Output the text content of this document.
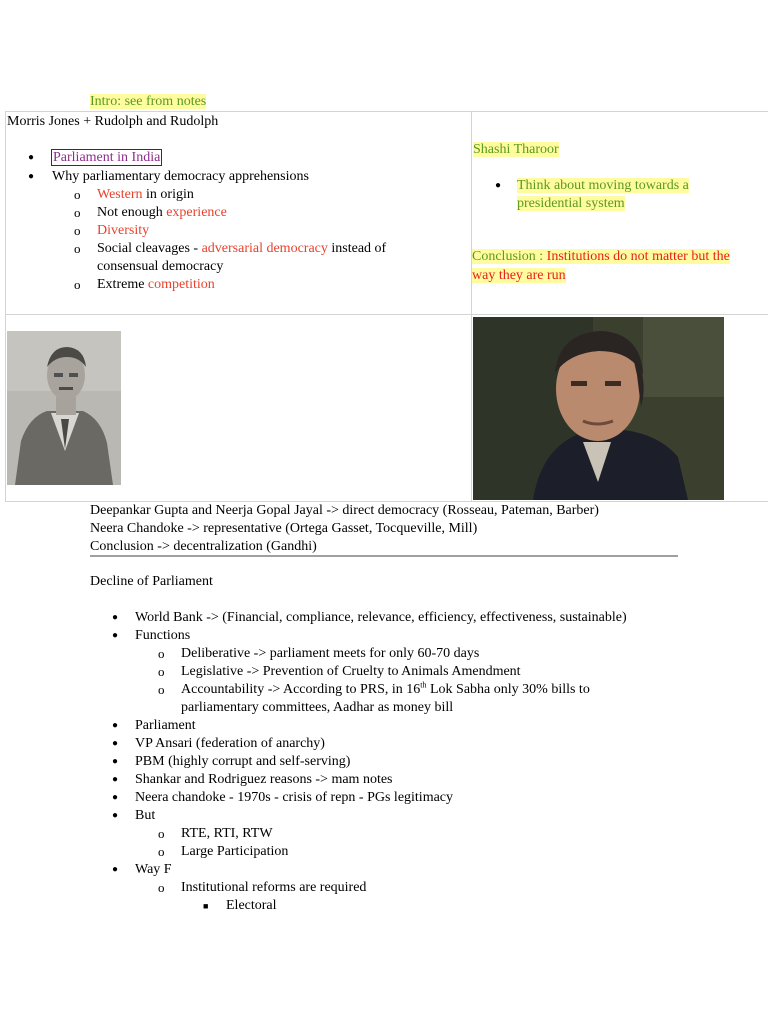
Intro: see from notes
Morris Jones + Rudolph and Rudolph
● Parliament in India
● Why parliamentary democracy apprehensions
o Western in origin
o Not enough experience
o Diversity
o Social cleavages - adversarial democracy instead of
consensual democracy
o Extreme competition
Shashi Tharoor
● Think about moving towards a
presidential system
Conclusion : Institutions do not matter but the
way they are run
Deepankar Gupta and Neerja Gopal Jayal -> direct democracy (Rosseau, Pateman, Barber)
Neera Chandoke -> representative (Ortega Gasset, Tocqueville, Mill)
Conclusion -> decentralization (Gandhi)
Decline of Parliament
● World Bank -> (Financial, compliance, relevance, efficiency, effectiveness, sustainable)
● Functions
o Deliberative -> parliament meets for only 60-70 days
o Legislative -> Prevention of Cruelty to Animals Amendment
o Accountability -> According to PRS, in 16th Lok Sabha only 30% bills to
parliamentary committees, Aadhar as money bill
● Parliament
● VP Ansari (federation of anarchy)
● PBM (highly corrupt and self-serving)
● Shankar and Rodriguez reasons -> mam notes
● Neera chandoke - 1970s - crisis of repn - PGs legitimacy
● But
o RTE, RTI, RTW
o Large Participation
● Way F
o Institutional reforms are required
■ Electoral
